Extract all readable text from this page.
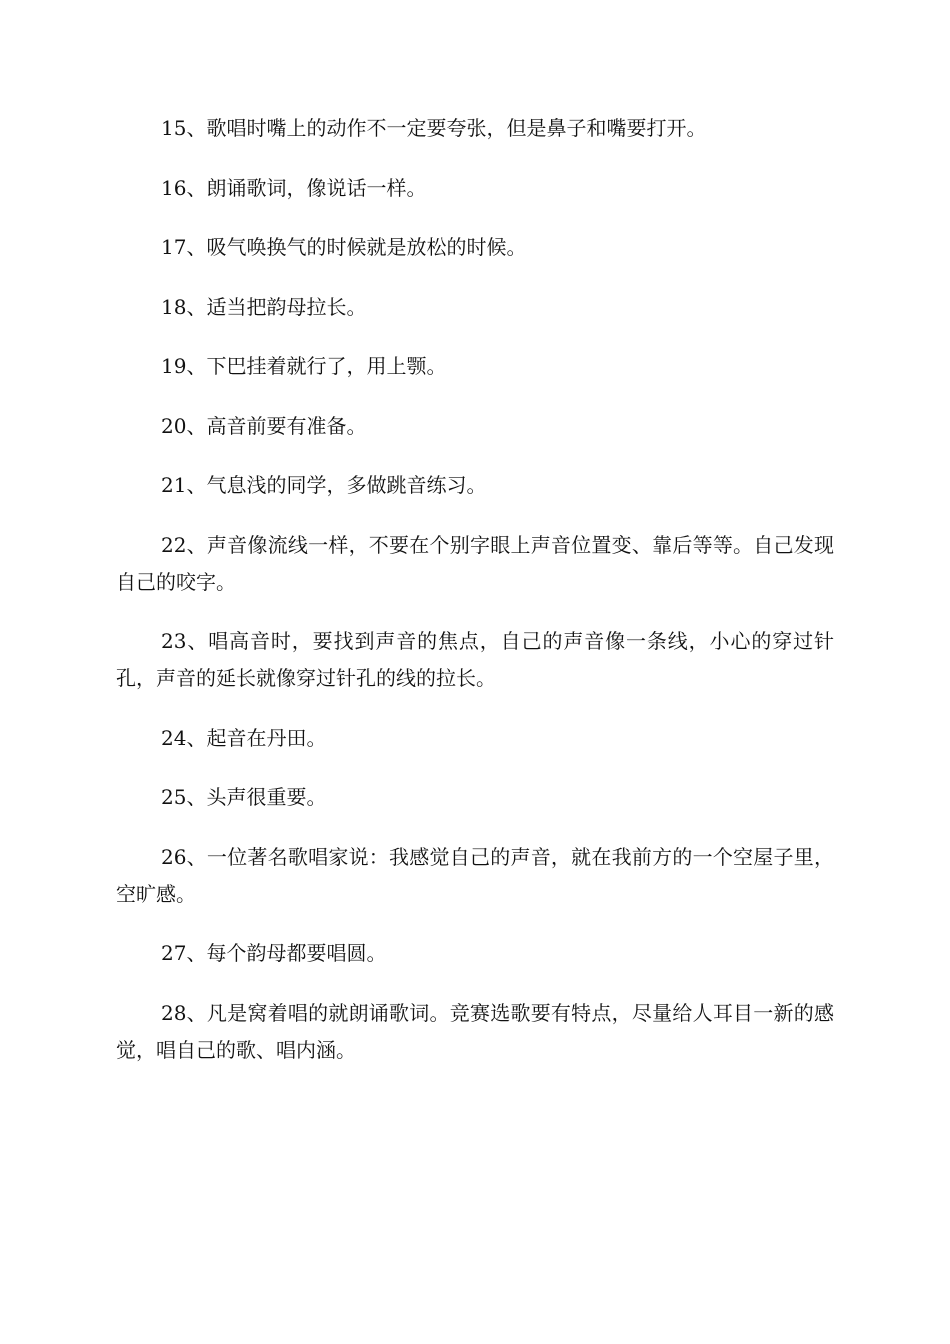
15、歌唱时嘴上的动作不一定要夸张，但是鼻子和嘴要打开。

16、朗诵歌词，像说话一样。

17、吸气唤换气的时候就是放松的时候。

18、适当把韵母拉长。

19、下巴挂着就行了，用上颚。

20、高音前要有准备。

21、气息浅的同学，多做跳音练习。

22、声音像流线一样，不要在个别字眼上声音位置变、靠后等等。自己发现自己的咬字。

23、唱高音时，要找到声音的焦点，自己的声音像一条线，小心的穿过针孔，声音的延长就像穿过针孔的线的拉长。

24、起音在丹田。

25、头声很重要。

26、一位著名歌唱家说：我感觉自己的声音，就在我前方的一个空屋子里，空旷感。

27、每个韵母都要唱圆。

28、凡是窝着唱的就朗诵歌词。竞赛选歌要有特点，尽量给人耳目一新的感觉，唱自己的歌、唱内涵。
